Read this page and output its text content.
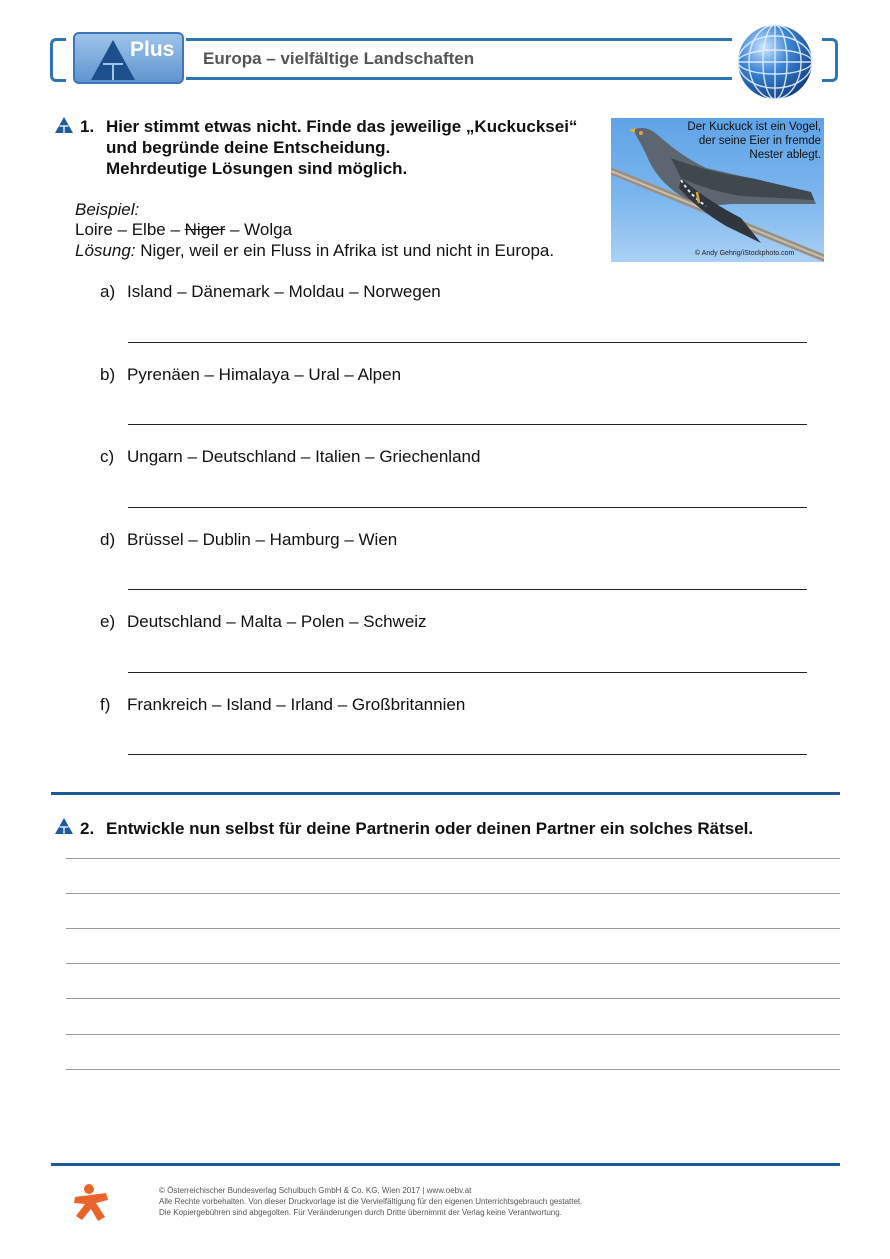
Plus Europa – vielfältige Landschaften
1. Hier stimmt etwas nicht. Finde das jeweilige „Kuckucksei“
und begründe deine Entscheidung.
Mehrdeutige Lösungen sind möglich.
Beispiel:
Loire – Elbe – Niger – Wolga
Lösung: Niger, weil er ein Fluss in Afrika ist und nicht in Europa.
Der Kuckuck ist ein Vogel,
der seine Eier in fremde
Nester ablegt.
© Andy Gehrig/iStockphoto.com
a) Island – Dänemark – Moldau – Norwegen
b) Pyrenäen – Himalaya – Ural – Alpen
c) Ungarn – Deutschland – Italien – Griechenland
d) Brüssel – Dublin – Hamburg – Wien
e) Deutschland – Malta – Polen – Schweiz
f) Frankreich – Island – Irland – Großbritannien
2. Entwickle nun selbst für deine Partnerin oder deinen Partner ein solches Rätsel.
© Österreichischer Bundesverlag Schulbuch GmbH & Co. KG, Wien 2017 | www.oebv.at
Alle Rechte vorbehalten. Von dieser Druckvorlage ist die Vervielfältigung für den eigenen Unterrichtsgebrauch gestattet.
Die Kopiergebühren sind abgegolten. Für Veränderungen durch Dritte übernimmt der Verlag keine Verantwortung.
